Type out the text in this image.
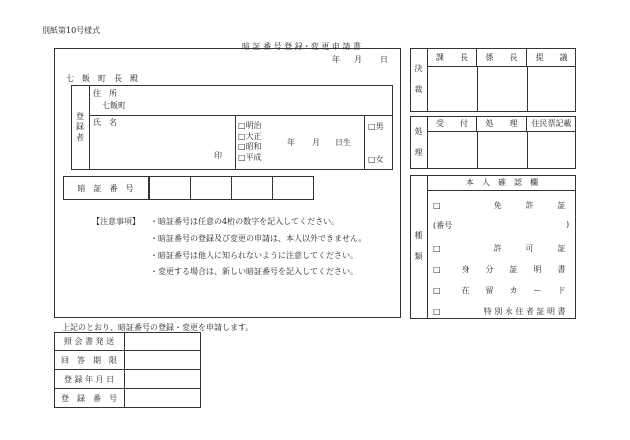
別紙第10号様式
暗 証 番 号 登 録・変 更 申 請 書
年 月 日
七　飯　町　長　殿
登
録
者
住　所
七飯町
氏　名
印
□ 明治
□ 大正
□ 昭和
□ 平成
年 月 日生
□ 男
□ 女
暗　証　番　号
【注意事項】 ・暗証番号は任意の4桁の数字を記入してください。
・暗証番号の登録及び変更の申請は、本人以外できません。
・暗証番号は他人に知られないように注意してください。
・変更する場合は、新しい暗証番号を記入してください。
上記のとおり、暗証番号の登録・変更を申請します。
決

裁
課　　長	係　　長	提　　議
処

理
受　　付	処　　理	住民票記載
種

類
本　人　確　認　欄
□ 免　　　許　　　証
(番号	)
□ 許　　　可　　　証
□ 身　　分　　証　　明　　書
□ 在　　留　　カ　　ー　　ド
□ 特 別 永 住 者 証 明 書
照 会 書 発 送
回　答　期　限
登 録 年 月 日
登　録　番　号
